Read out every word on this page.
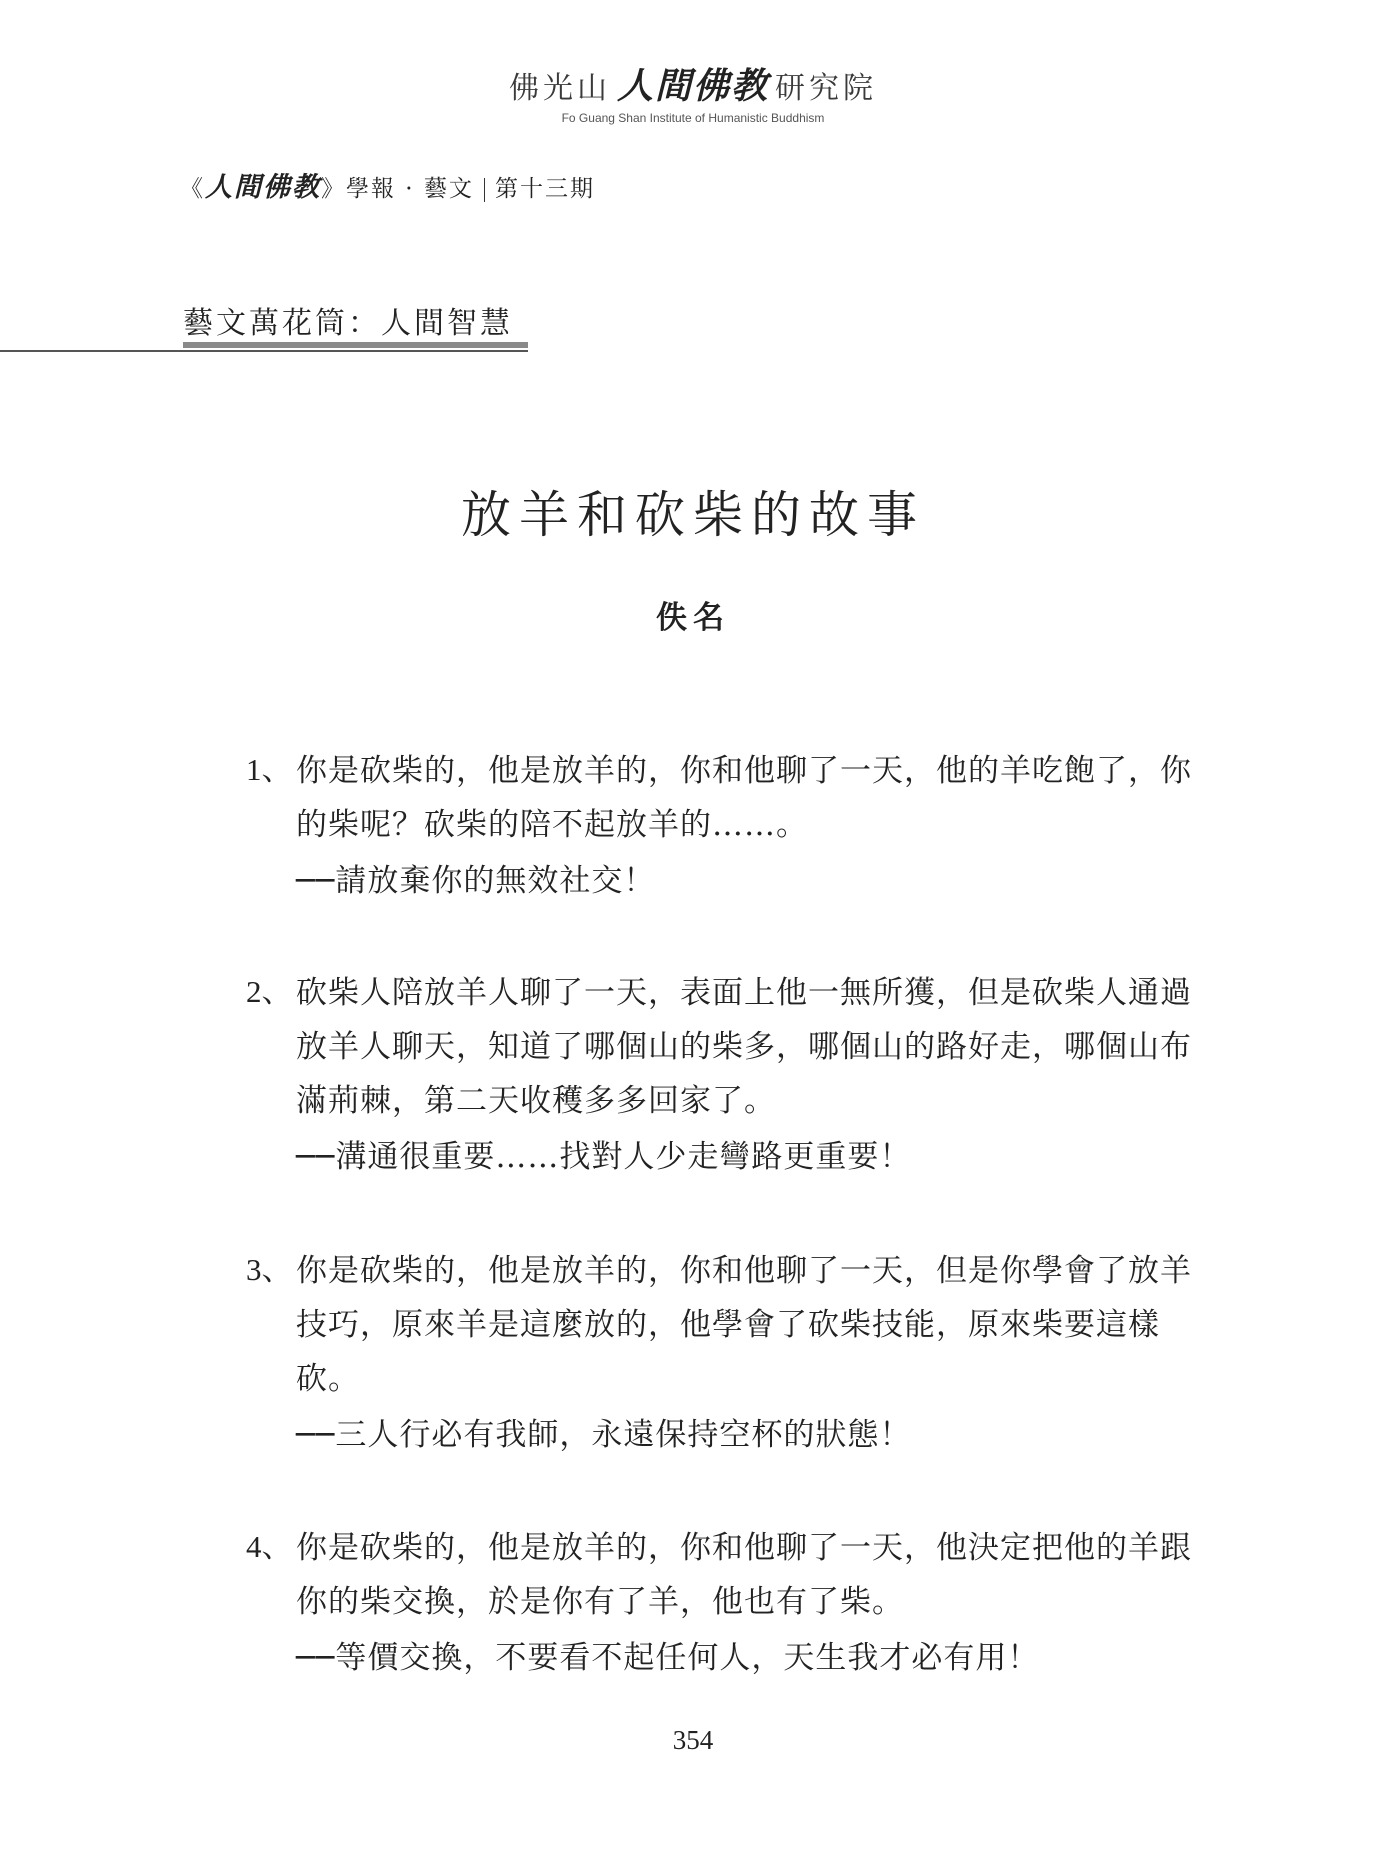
佛光山 人間佛教 研究院
Fo Guang Shan Institute of Humanistic Buddhism
《人間佛教》學報 · 藝文 第十三期
藝文萬花筒：人間智慧
放羊和砍柴的故事
佚名
1、 你是砍柴的，他是放羊的，你和他聊了一天，他的羊吃飽了，你的柴呢？砍柴的陪不起放羊的……。
──請放棄你的無效社交！
2、 砍柴人陪放羊人聊了一天，表面上他一無所獲，但是砍柴人通過放羊人聊天，知道了哪個山的柴多，哪個山的路好走，哪個山布滿荊棘，第二天收穫多多回家了。
──溝通很重要……找對人少走彎路更重要！
3、 你是砍柴的，他是放羊的，你和他聊了一天，但是你學會了放羊技巧，原來羊是這麼放的，他學會了砍柴技能，原來柴要這樣砍。
──三人行必有我師，永遠保持空杯的狀態！
4、 你是砍柴的，他是放羊的，你和他聊了一天，他決定把他的羊跟你的柴交換，於是你有了羊，他也有了柴。
──等價交換，不要看不起任何人，天生我才必有用！
354
